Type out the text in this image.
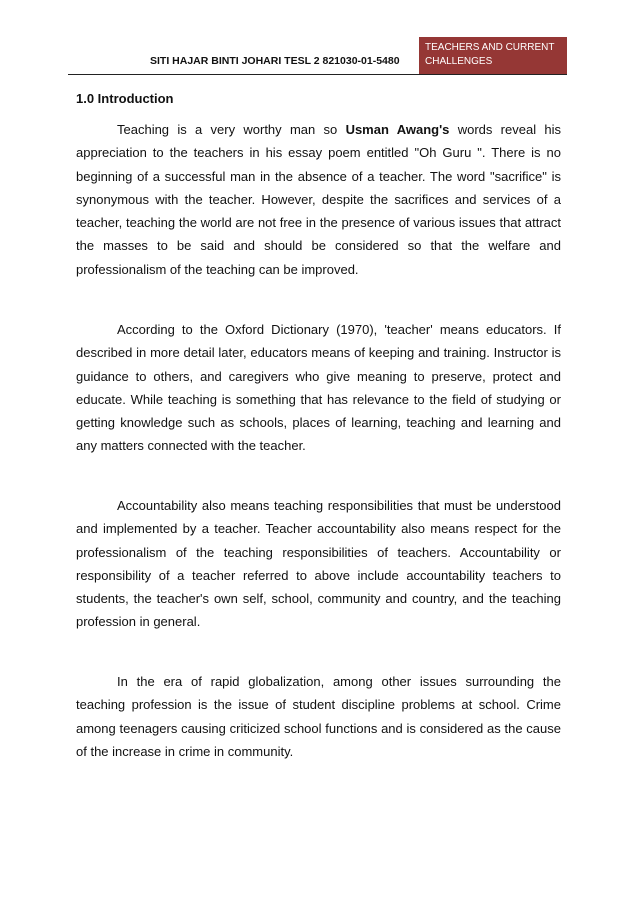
SITI HAJAR BINTI JOHARI TESL 2 821030-01-5480
TEACHERS AND CURRENT
CHALLENGES
1.0 Introduction

Teaching is a very worthy man so Usman Awang's words reveal his appreciation to the teachers in his essay poem entitled "Oh Guru ". There is no beginning of a successful man in the absence of a teacher. The word "sacrifice" is synonymous with the teacher. However, despite the sacrifices and services of a teacher, teaching the world are not free in the presence of various issues that attract the masses to be said and should be considered so that the welfare and professionalism of the teaching can be improved.

According to the Oxford Dictionary (1970), 'teacher' means educators. If described in more detail later, educators means of keeping and training. Instructor is guidance to others, and caregivers who give meaning to preserve, protect and educate. While teaching is something that has relevance to the field of studying or getting knowledge such as schools, places of learning, teaching and learning and any matters connected with the teacher.

Accountability also means teaching responsibilities that must be understood and implemented by a teacher. Teacher accountability also means respect for the professionalism of the teaching responsibilities of teachers. Accountability or responsibility of a teacher referred to above include accountability teachers to students, the teacher's own self, school, community and country, and the teaching profession in general.

In the era of rapid globalization, among other issues surrounding the teaching profession is the issue of student discipline problems at school. Crime among teenagers causing criticized school functions and is considered as the cause of the increase in crime in community.
